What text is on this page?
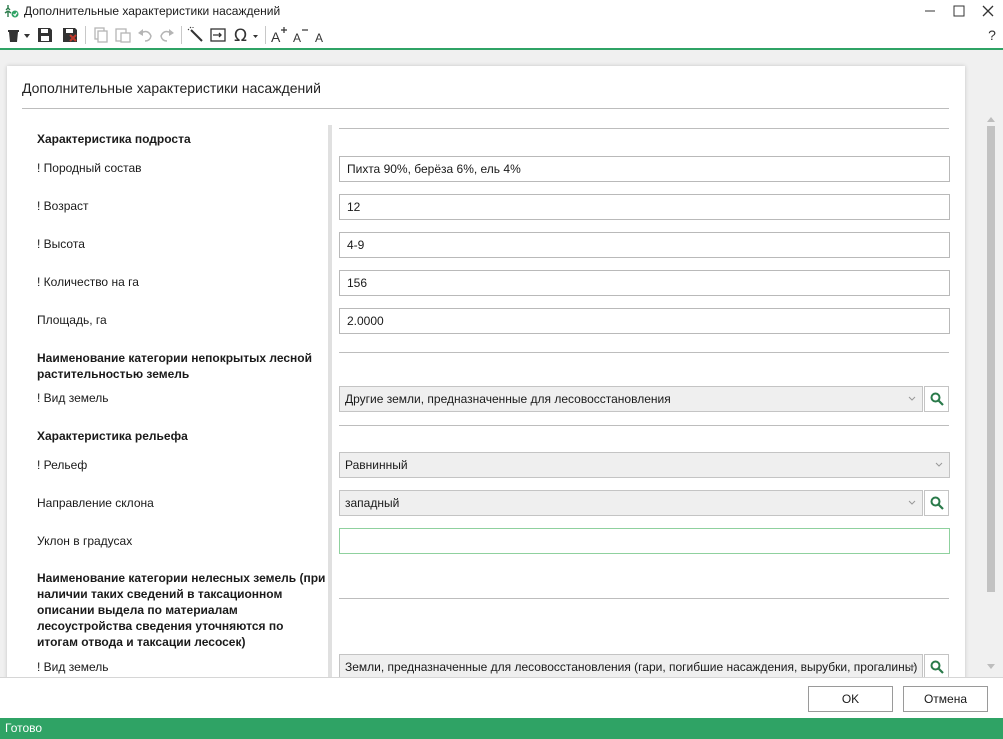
Дополнительные характеристики насаждений
Ω A A A	?
Дополнительные характеристики насаждений
Характеристика подроста
! Породный состав	Пихта 90%, берёза 6%, ель 4%
! Возраст	12
! Высота	4-9
! Количество на га	156
Площадь, га	2.0000
Наименование категории непокрытых лесной растительностью земель
! Вид земель	Другие земли, предназначенные для лесовосстановления
Характеристика рельефа
! Рельеф	Равнинный
Направление склона	западный
Уклон в градусах
Наименование категории нелесных земель (при наличии таких сведений в таксационном описании выдела по материалам лесоустройства сведения уточняются по итогам отвода и таксации лесосек)
! Вид земель	Земли, предназначенные для лесовосстановления (гари, погибшие насаждения, вырубки, прогалины)
OK	Отмена
Готово
